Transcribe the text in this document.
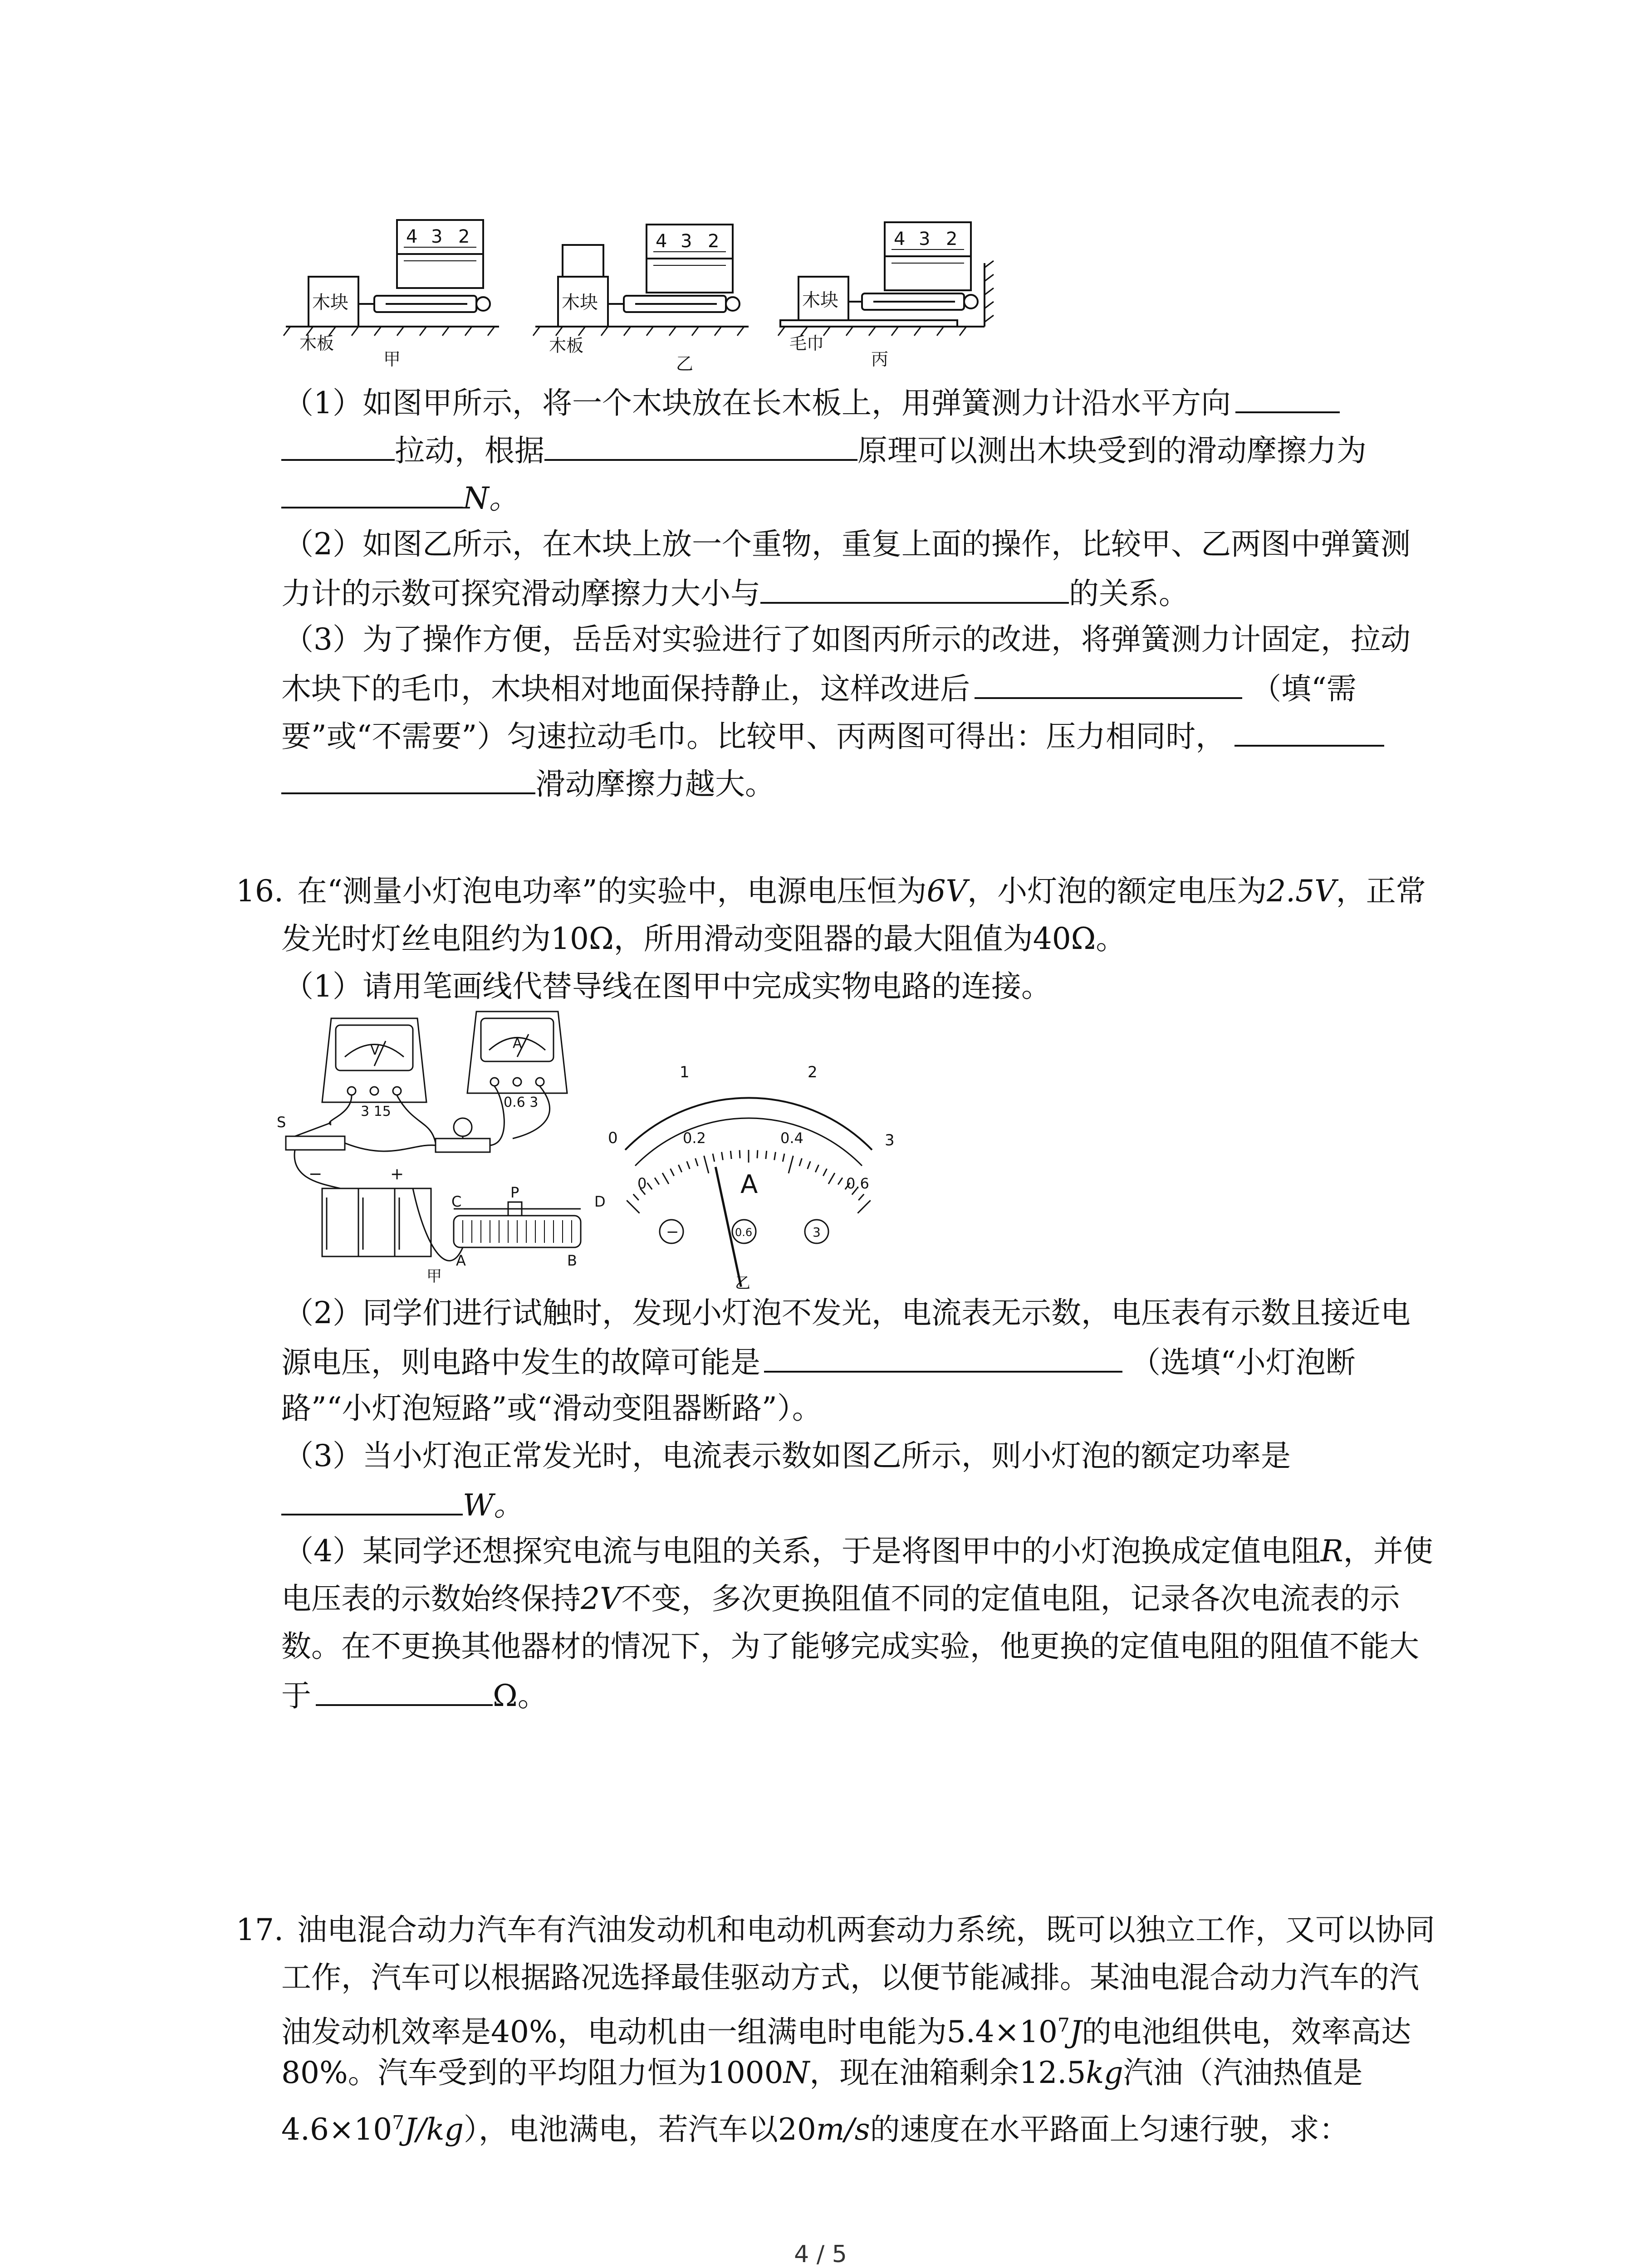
木块	木块	木块
木板	木板	毛巾
甲	乙	丙
4 3 2	4 3 2	4 3 2
（1）如图甲所示，将一个木块放在长木板上，用弹簧测力计沿水平方向
拉动，根据	原理可以测出木块受到的滑动摩擦力为
N。
（2）如图乙所示，在木块上放一个重物，重复上面的操作，比较甲、乙两图中弹簧测
力计的示数可探究滑动摩擦力大小与	的关系。
（3）为了操作方便，岳岳对实验进行了如图丙所示的改进，将弹簧测力计固定，拉动
木块下的毛巾，木块相对地面保持静止，这样改进后	（填“需
要”或“不需要”）匀速拉动毛巾。比较甲、丙两图可得出：压力相同时，
滑动摩擦力越大。
16. 在“测量小灯泡电功率”的实验中，电源电压恒为6V，小灯泡的额定电压为2.5V，正常
发光时灯丝电阻约为10Ω，所用滑动变阻器的最大阻值为40Ω。
（1）请用笔画线代替导线在图甲中完成实物电路的连接。
V	A
3 15
0.6 3
S
C	D
P
A	B
−	+
甲
0
1	2
3
0
0.2	0.4
0.6
A
−	0.6	3
乙
（2）同学们进行试触时，发现小灯泡不发光，电流表无示数，电压表有示数且接近电
源电压，则电路中发生的故障可能是	（选填“小灯泡断
路”“小灯泡短路”或“滑动变阻器断路”）。
（3）当小灯泡正常发光时，电流表示数如图乙所示，则小灯泡的额定功率是
W。
（4）某同学还想探究电流与电阻的关系，于是将图甲中的小灯泡换成定值电阻R，并使
电压表的示数始终保持2V不变，多次更换阻值不同的定值电阻，记录各次电流表的示
数。在不更换其他器材的情况下，为了能够完成实验，他更换的定值电阻的阻值不能大
于	Ω。
17. 油电混合动力汽车有汽油发动机和电动机两套动力系统，既可以独立工作，又可以协同
工作，汽车可以根据路况选择最佳驱动方式，以便节能减排。某油电混合动力汽车的汽
油发动机效率是40%，电动机由一组满电时电能为$5.4\times 10^7J$的电池组供电，效率高达
80%。汽车受到的平均阻力恒为1000N，现在油箱剩余12.5kg汽油（汽油热值是
$4.6\times 10^7J/kg$），电池满电，若汽车以20m/s的速度在水平路面上匀速行驶，求：
4 / 5
